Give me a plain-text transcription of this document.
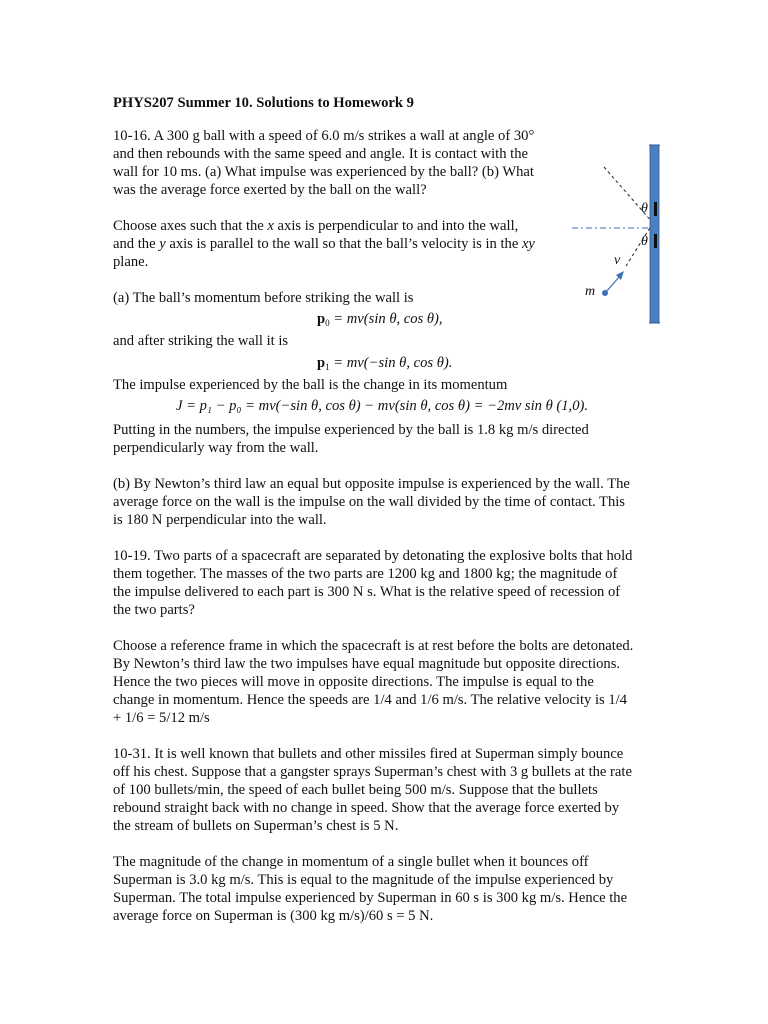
PHYS207 Summer 10. Solutions to Homework 9
10-16. A 300 g ball with a speed of 6.0 m/s strikes a wall at angle of 30°
and then rebounds with the same speed and angle. It is contact with the
wall for 10 ms. (a) What impulse was experienced by the ball? (b) What
was the average force exerted by the ball on the wall?
Choose axes such that the x axis is perpendicular to and into the wall,
and the y axis is parallel to the wall so that the ball’s velocity is in the xy
plane.
(a) The ball’s momentum before striking the wall is
$p_0 = mv(\sin$ θ, cos θ),
and after striking the wall it is
$p_1 = mv(-\sin$ θ, cos θ).
The impulse experienced by the ball is the change in its momentum
J = p₁ − p₀ = mv(−sin θ, cos θ) − mv(sin θ, cos θ) = −2mv sin θ (1,0).
Putting in the numbers, the impulse experienced by the ball is 1.8 kg m/s directed
perpendicularly way from the wall.
(b) By Newton’s third law an equal but opposite impulse is experienced by the wall. The
average force on the wall is the impulse on the wall divided by the time of contact. This
is 180 N perpendicular into the wall.
10-19. Two parts of a spacecraft are separated by detonating the explosive bolts that hold
them together. The masses of the two parts are 1200 kg and 1800 kg; the magnitude of
the impulse delivered to each part is 300 N s. What is the relative speed of recession of
the two parts?
Choose a reference frame in which the spacecraft is at rest before the bolts are detonated.
By Newton’s third law the two impulses have equal magnitude but opposite directions.
Hence the two pieces will move in opposite directions. The impulse is equal to the
change in momentum. Hence the speeds are 1/4 and 1/6 m/s. The relative velocity is 1/4
+ 1/6 = 5/12 m/s
10-31. It is well known that bullets and other missiles fired at Superman simply bounce
off his chest. Suppose that a gangster sprays Superman’s chest with 3 g bullets at the rate
of 100 bullets/min, the speed of each bullet being 500 m/s. Suppose that the bullets
rebound straight back with no change in speed. Show that the average force exerted by
the stream of bullets on Superman’s chest is 5 N.
The magnitude of the change in momentum of a single bullet when it bounces off
Superman is 3.0 kg m/s. This is equal to the magnitude of the impulse experienced by
Superman. The total impulse experienced by Superman in 60 s is 300 kg m/s. Hence the
average force on Superman is (300 kg m/s)/60 s = 5 N.
θ
θ
v
m
